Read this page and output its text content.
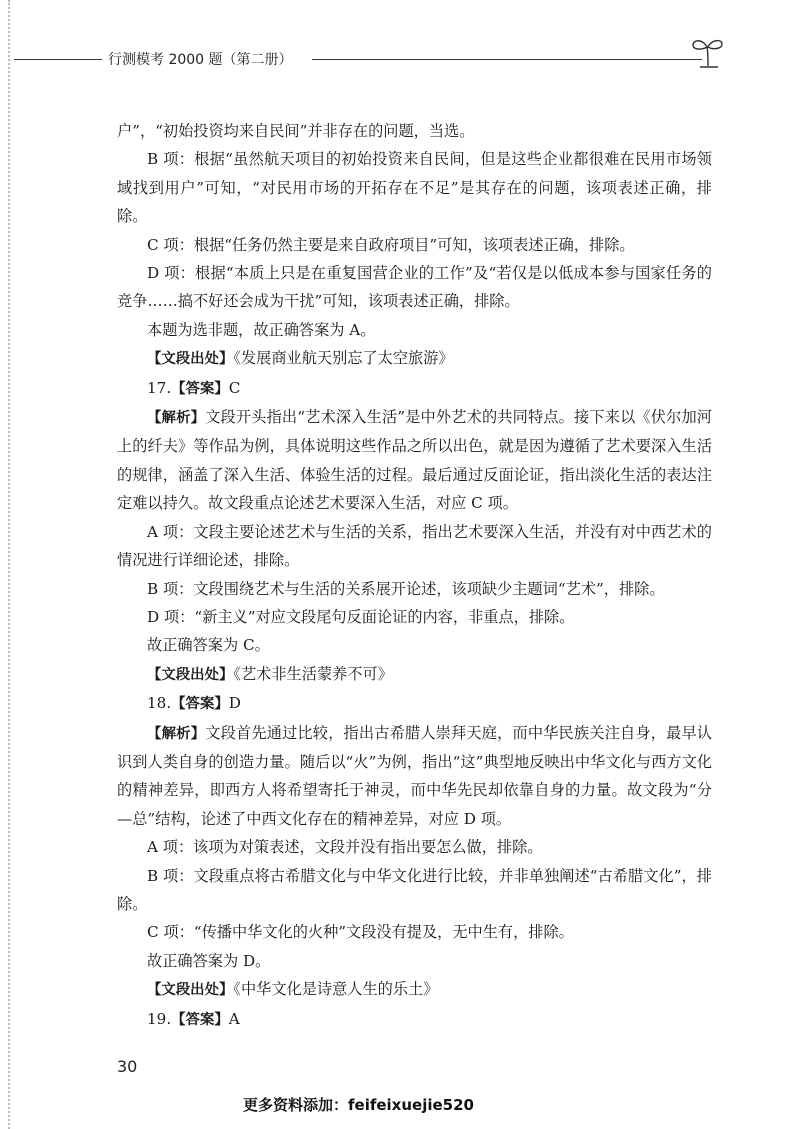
行测模考 2000 题（第二册）

户”，“初始投资均来自民间”并非存在的问题，当选。

B 项：根据“虽然航天项目的初始投资来自民间，但是这些企业都很难在民用市场领域找到用户”可知，“对民用市场的开拓存在不足”是其存在的问题，该项表述正确，排除。

C 项：根据“任务仍然主要是来自政府项目”可知，该项表述正确，排除。

D 项：根据“本质上只是在重复国营企业的工作”及“若仅是以低成本参与国家任务的竞争……搞不好还会成为干扰”可知，该项表述正确，排除。

本题为选非题，故正确答案为 A。

【文段出处】《发展商业航天别忘了太空旅游》

17.【答案】C

【解析】文段开头指出“艺术深入生活”是中外艺术的共同特点。接下来以《伏尔加河上的纤夫》等作品为例，具体说明这些作品之所以出色，就是因为遵循了艺术要深入生活的规律，涵盖了深入生活、体验生活的过程。最后通过反面论证，指出淡化生活的表达注定难以持久。故文段重点论述艺术要深入生活，对应 C 项。

A 项：文段主要论述艺术与生活的关系，指出艺术要深入生活，并没有对中西艺术的情况进行详细论述，排除。

B 项：文段围绕艺术与生活的关系展开论述，该项缺少主题词“艺术”，排除。

D 项：“新主义”对应文段尾句反面论证的内容，非重点，排除。

故正确答案为 C。

【文段出处】《艺术非生活蒙养不可》

18.【答案】D

【解析】文段首先通过比较，指出古希腊人崇拜天庭，而中华民族关注自身，最早认识到人类自身的创造力量。随后以“火”为例，指出“这”典型地反映出中华文化与西方文化的精神差异，即西方人将希望寄托于神灵，而中华先民却依靠自身的力量。故文段为“分—总”结构，论述了中西文化存在的精神差异，对应 D 项。

A 项：该项为对策表述，文段并没有指出要怎么做，排除。

B 项：文段重点将古希腊文化与中华文化进行比较，并非单独阐述“古希腊文化”，排除。

C 项：“传播中华文化的火种”文段没有提及，无中生有，排除。

故正确答案为 D。

【文段出处】《中华文化是诗意人生的乐土》

19.【答案】A

30
更多资料添加：feifeixuejie520
